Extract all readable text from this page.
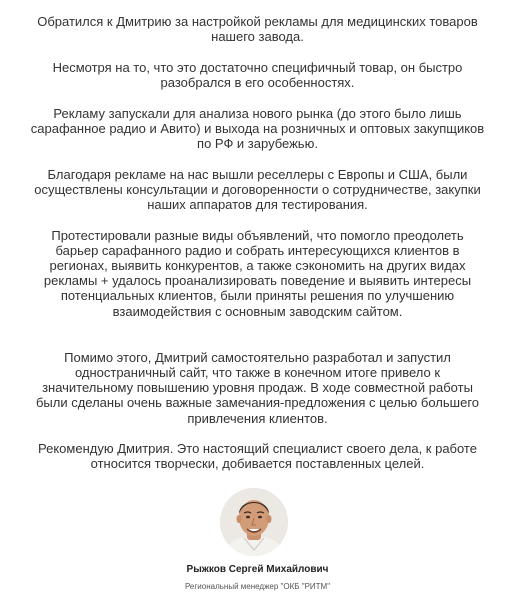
Обратился к Дмитрию за настройкой рекламы для медицинских товаров нашего завода.

Несмотря на то, что это достаточно специфичный товар, он быстро разобрался в его особенностях.

Рекламу запускали для анализа нового рынка (до этого было лишь сарафанное радио и Авито) и выхода на розничных и оптовых закупщиков по РФ и зарубежью.

Благодаря рекламе на нас вышли реселлеры с Европы и США, были осуществлены консультации и договоренности о сотрудничестве, закупки наших аппаратов для тестирования.

Протестировали разные виды объявлений, что помогло преодолеть барьер сарафанного радио и собрать интересующихся клиентов в регионах, выявить конкурентов, а также сэкономить на других видах рекламы + удалось проанализировать поведение и выявить интересы потенциальных клиентов, были приняты решения по улучшению взаимодействия с основным заводским сайтом.

Помимо этого, Дмитрий самостоятельно разработал и запустил одностраничный сайт, что также в конечном итоге привело к значительному повышению уровня продаж. В ходе совместной работы были сделаны очень важные замечания-предложения с целью большего привлечения клиентов.

Рекомендую Дмитрия. Это настоящий специалист своего дела, к работе относится творчески, добивается поставленных целей.

Рыжков Сергей Михайлович
Региональный менеджер "ОКБ "РИТМ"
